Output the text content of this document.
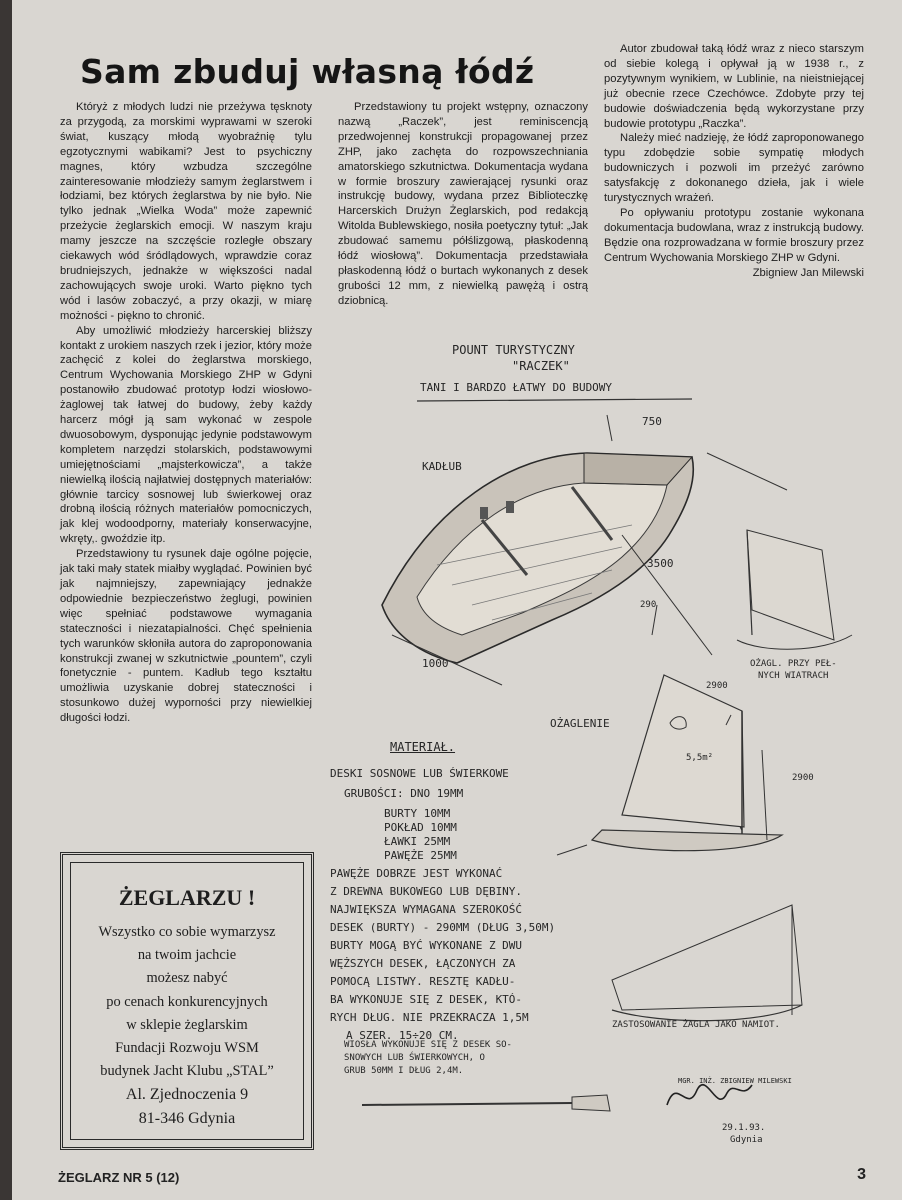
Sam zbuduj własną łódź

Któryż z młodych ludzi nie przeżywa tęsknoty za przygodą, za morskimi wyprawami w szeroki świat, kuszący młodą wyobraźnię tylu egzotycznymi wabikami? Jest to psychiczny magnes, który wzbudza szczególne zainteresowanie młodzieży samym żeglarstwem i łodziami, bez których żeglarstwa by nie było. Nie tylko jednak „Wielka Woda” może zapewnić przeżycie żeglarskich emocji. W naszym kraju mamy jeszcze na szczęście rozległe obszary ciekawych wód śródlądowych, wprawdzie coraz brudniejszych, jednakże w większości nadal zachowujących swoje uroki. Warto piękno tych wód i lasów zobaczyć, a przy okazji, w miarę możności - piękno to chronić.

Aby umożliwić młodzieży harcerskiej bliższy kontakt z urokiem naszych rzek i jezior, który może zachęcić z kolei do żeglarstwa morskiego, Centrum Wychowania Morskiego ZHP w Gdyni postanowiło zbudować prototyp łodzi wiosłowo-żaglowej tak łatwej do budowy, żeby każdy harcerz mógł ją sam wykonać w zespole dwuosobowym, dysponując jedynie podstawowym kompletem narzędzi stolarskich, podstawowymi umiejętnościami „majsterkowicza”, a także niewielką ilością najłatwiej dostępnych materiałów: głównie tarcicy sosnowej lub świerkowej oraz drobną ilością różnych materiałów pomocniczych, jak klej wodoodporny, materiały konserwacyjne, wkręty,. gwoździe itp.

Przedstawiony tu rysunek daje ogólne pojęcie, jak taki mały statek miałby wyglądać. Powinien być jak najmniejszy, zapewniający jednakże odpowiednie bezpieczeństwo żeglugi, powinien więc spełniać podstawowe wymagania stateczności i niezatapialności. Chęć spełnienia tych warunków skłoniła autora do zaproponowania konstrukcji zwanej w szkutnictwie „pountem”, czyli fonetycznie - puntem. Kadłub tego kształtu umożliwia uzyskanie dobrej stateczności i stosunkowo dużej wyporności przy niewielkiej długości łodzi.

Przedstawiony tu projekt wstępny, oznaczony nazwą „Raczek”, jest reminiscencją przedwojennej konstrukcji propagowanej przez ZHP, jako zachęta do rozpowszechniania amatorskiego szkutnictwa. Dokumentacja wydana w formie broszury zawierającej rysunki oraz instrukcję budowy, wydana przez Biblioteczkę Harcerskich Drużyn Żeglarskich, pod redakcją Witolda Bublewskiego, nosiła poetyczny tytuł: „Jak zbudować samemu półślizgową, płaskodenną łódź wiosłową”. Dokumentacja przedstawiała płaskodenną łódź o burtach wykonanych z desek grubości 12 mm, z niewielką pawężą i ostrą dziobnicą.

Autor zbudował taką łódź wraz z nieco starszym od siebie kolegą i opływał ją w 1938 r., z pozytywnym wynikiem, w Lublinie, na nieistniejącej już obecnie rzece Czechówce. Zdobyte przy tej budowie doświadczenia będą wykorzystane przy budowie prototypu „Raczka”.

Należy mieć nadzieję, że łódź zaproponowanego typu zdobędzie sobie sympatię młodych budowniczych i pozwoli im przeżyć zarówno satysfakcję z dokonanego dzieła, jak i wiele turystycznych wrażeń.

Po opływaniu prototypu zostanie wykonana dokumentacja budowlana, wraz z instrukcją budowy. Będzie ona rozprowadzana w formie broszury przez Centrum Wychowania Morskiego ZHP w Gdyni.

Zbigniew Jan Milewski

ŻEGLARZU !
Wszystko co sobie wymarzysz
na twoim jachcie
możesz nabyć
po cenach konkurencyjnych
w sklepie żeglarskim
Fundacji Rozwoju WSM
budynek Jacht Klubu „STAL”
Al. Zjednoczenia 9
81-346 Gdynia
POUNT TURYSTYCZNY
"RACZEK"
TANI I BARDZO ŁATWY DO BUDOWY
KADŁUB
750
3500
290
1000	OŻAGL. PRZY PEŁ-
NYCH WIATRACH
OŻAGLENIE
2900
2900
5,5m²
MATERIAŁ.
DESKI SOSNOWE LUB ŚWIERKOWE
GRUBOŚCI: DNO 19MM
BURTY 10MM
POKŁAD 10MM
ŁAWKI 25MM
PAWĘŻE 25MM
PAWĘŻE DOBRZE JEST WYKONAĆ
Z DREWNA BUKOWEGO LUB DĘBINY.
NAJWIĘKSZA WYMAGANA SZEROKOŚĆ
DESEK (BURTY) - 290MM (DŁUG 3,50M)
BURTY MOGĄ BYĆ WYKONANE Z DWU
WĘŻSZYCH DESEK, ŁĄCZONYCH ZA
POMOCĄ LISTWY. RESZTĘ KADŁU-
BA WYKONUJE SIĘ Z DESEK, KTÓ-
RYCH DŁUG. NIE PRZEKRACZA 1,5M
A SZER. 15÷20 CM.
WIOSŁA WYKONUJE SIĘ Z DESEK SO-
SNOWYCH LUB ŚWIERKOWYCH, O
GRUB 50MM I DŁUG 2,4M.
ZASTOSOWANIE ŻAGLA JAKO NAMIOT.
MGR. INŻ. ZBIGNIEW MILEWSKI
29.1.93.
Gdynia
ŻEGLARZ NR 5 (12)	3
